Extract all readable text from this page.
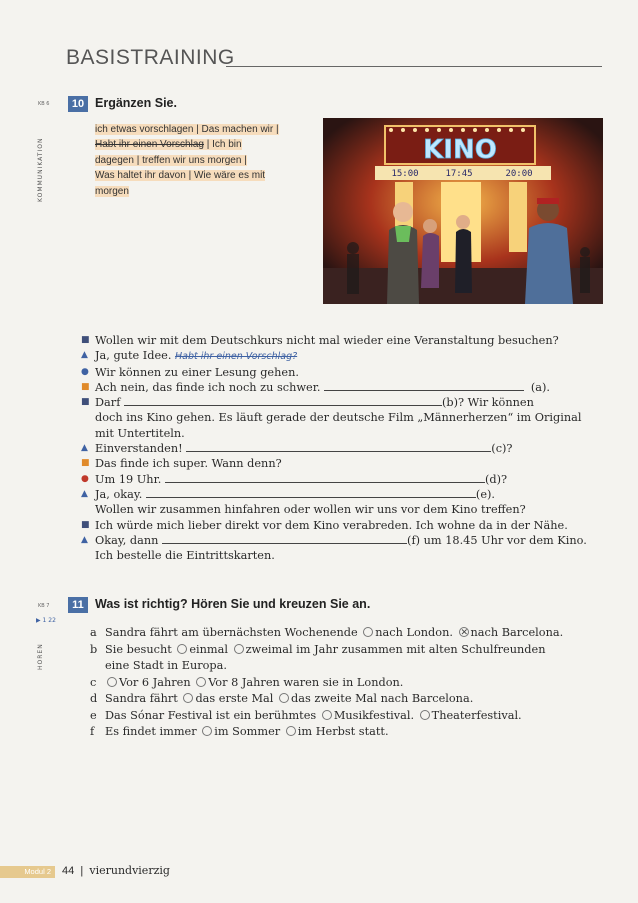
BASISTRAINING
KB 6	10 Ergänzen Sie.
KOMMUNIKATION
ich etwas vorschlagen | Das machen wir |
Habt ihr einen Vorschlag | Ich bin
dagegen | treffen wir uns morgen |
Was haltet ihr davon | Wie wäre es mit
morgen
KINO
15:00	17:45	20:00
■ Wollen wir mit dem Deutschkurs nicht mal wieder eine Veranstaltung besuchen?
▲ Ja, gute Idee. Habt ihr einen Vorschlag?
● Wir können zu einer Lesung gehen.
■ Ach nein, das finde ich noch zu schwer.	(a).
■ Darf	(b)? Wir können
doch ins Kino gehen. Es läuft gerade der deutsche Film „Männerherzen“ im Original
mit Untertiteln.
▲ Einverstanden!	(c)?
■ Das finde ich super. Wann denn?
● Um 19 Uhr.	(d)?
▲ Ja, okay.	(e).
Wollen wir zusammen hinfahren oder wollen wir uns vor dem Kino treffen?
■ Ich würde mich lieber direkt vor dem Kino verabreden. Ich wohne da in der Nähe.
▲ Okay, dann	(f) um 18.45 Uhr vor dem Kino.
Ich bestelle die Eintrittskarten.
KB 7
▶ 1 22
11 Was ist richtig? Hören Sie und kreuzen Sie an.
HÖREN
a Sandra fährt am übernächsten Wochenende nach London. ✕ nach Barcelona.
b Sie besucht einmal zweimal im Jahr zusammen mit alten Schulfreunden
eine Stadt in Europa.
c Vor 6 Jahren Vor 8 Jahren waren sie in London.
d Sandra fährt das erste Mal das zweite Mal nach Barcelona.
e Das Sónar Festival ist ein berühmtes Musikfestival. Theaterfestival.
f Es findet immer im Sommer im Herbst statt.
Modul 2	44  |  vierundvierzig
